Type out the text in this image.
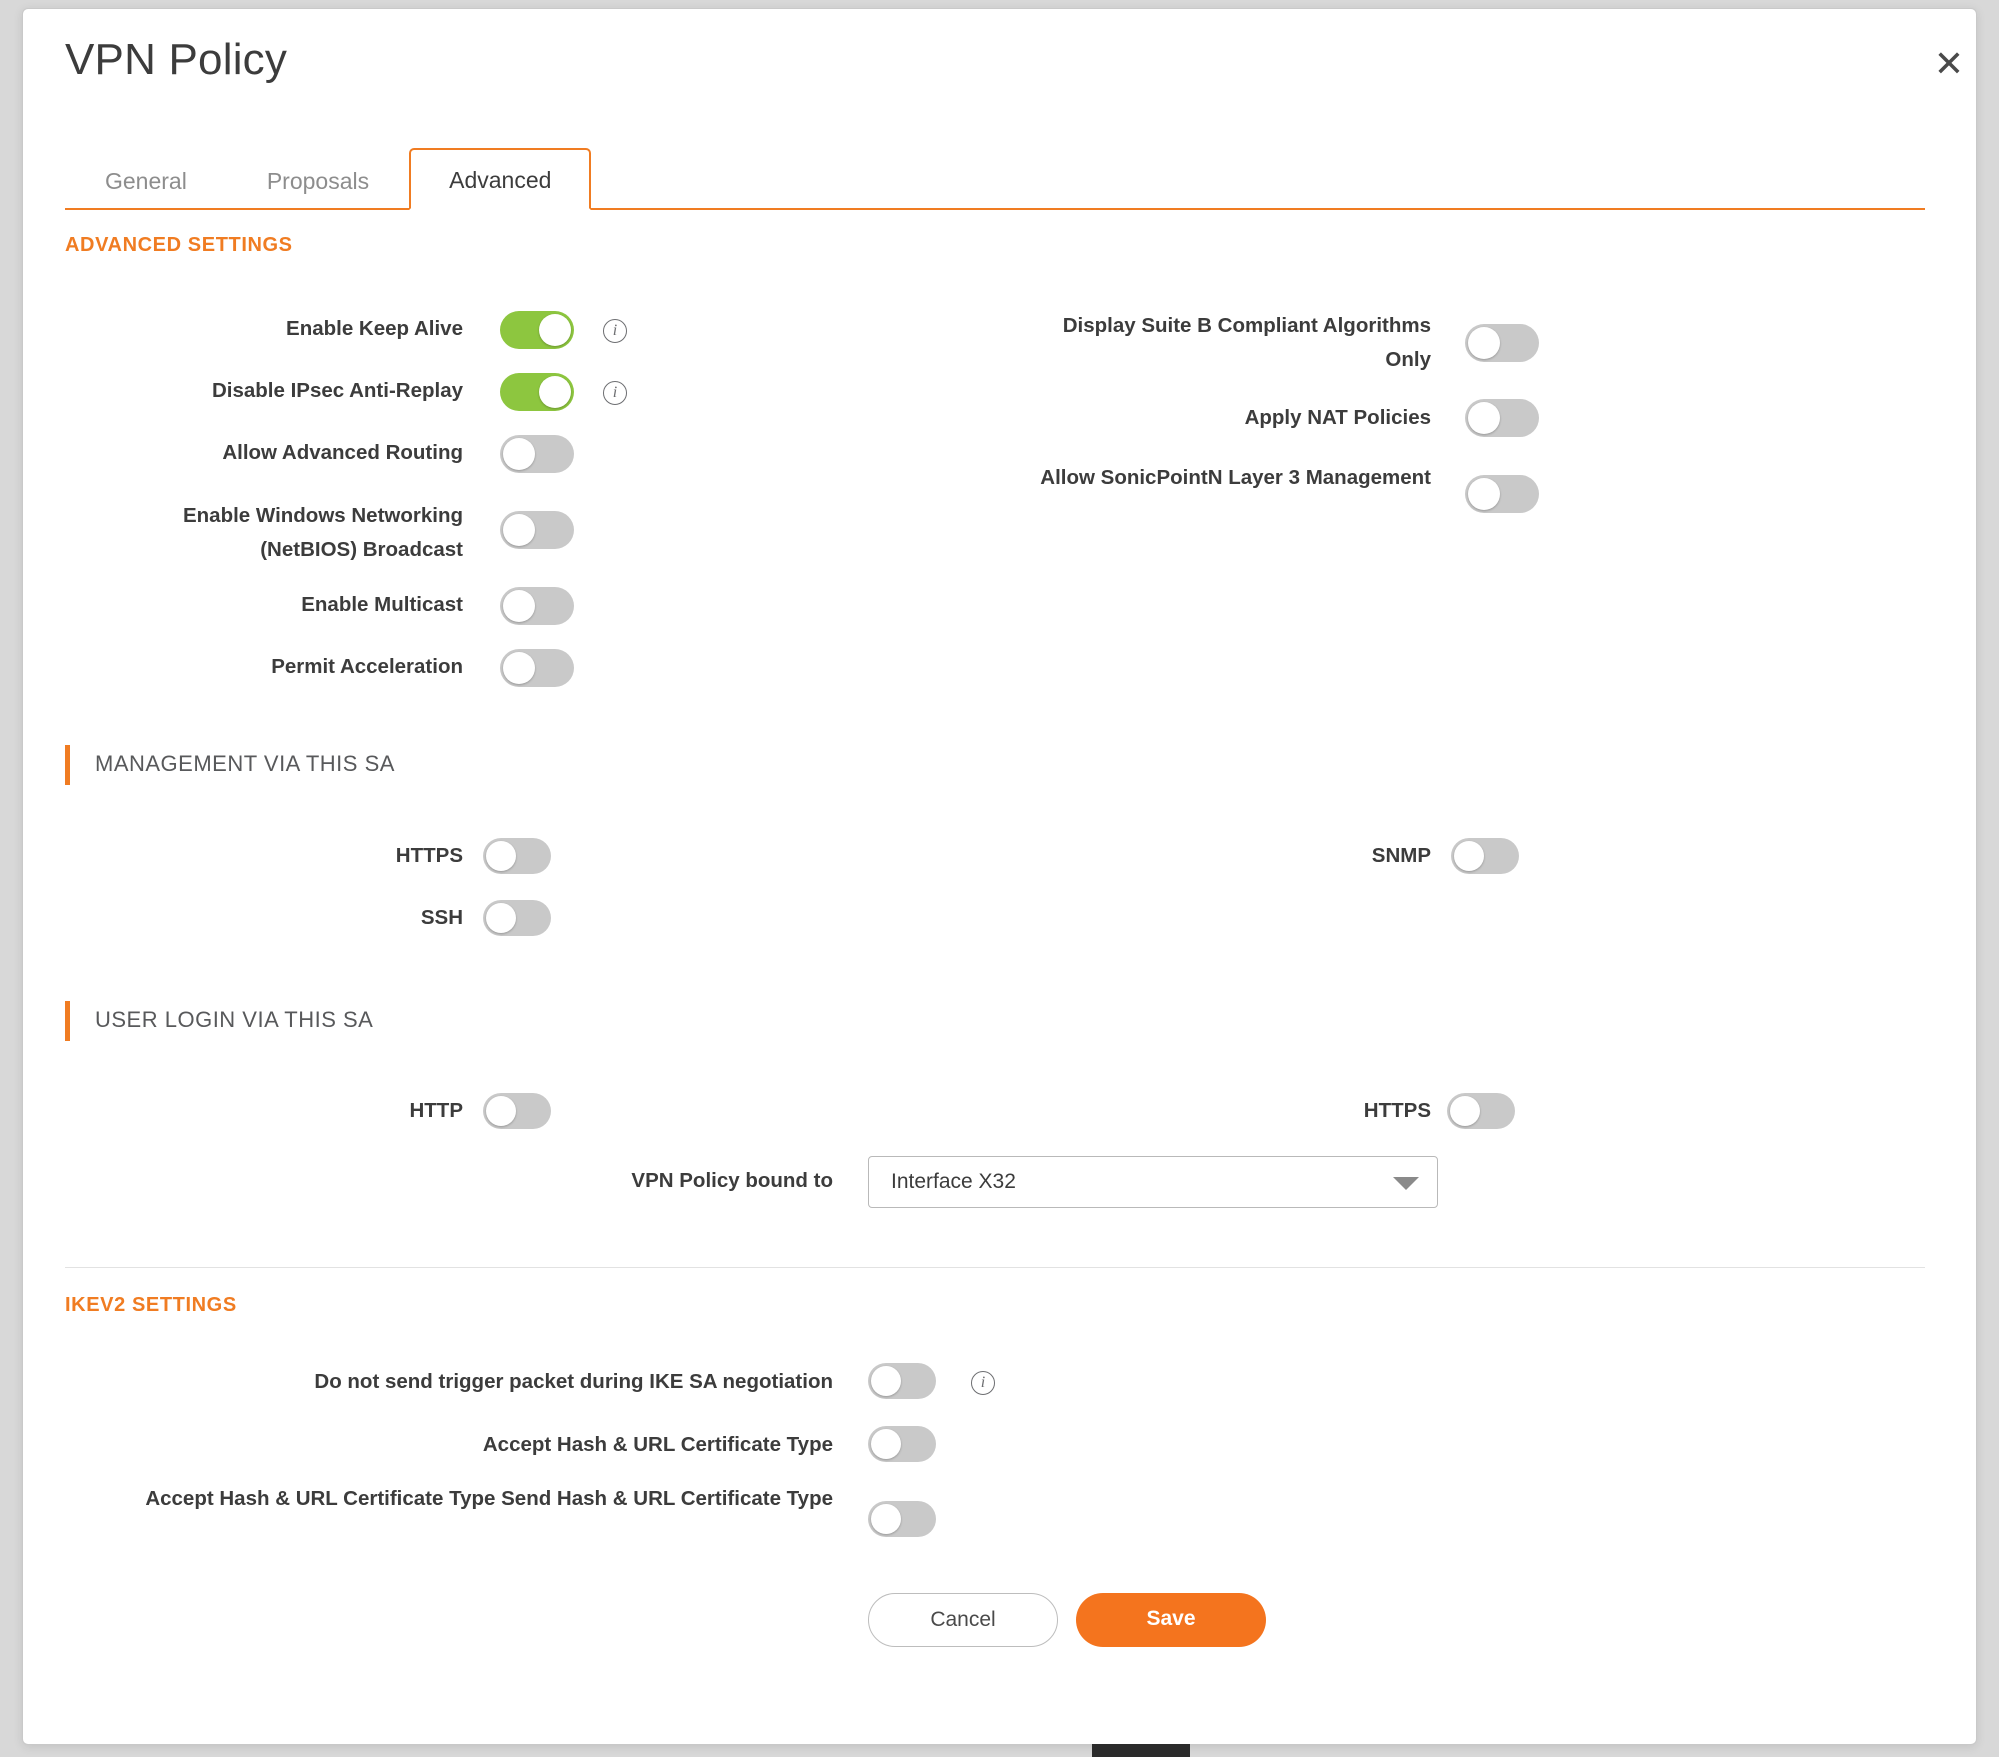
VPN Policy	✕
General	Proposals	Advanced
ADVANCED SETTINGS
Enable Keep Alive	i
Disable IPsec Anti-Replay	i
Allow Advanced Routing
Enable Windows Networking (NetBIOS) Broadcast
Enable Multicast
Permit Acceleration
Display Suite B Compliant Algorithms Only
Apply NAT Policies
Allow SonicPointN Layer 3 Management
MANAGEMENT VIA THIS SA
HTTPS
SSH
SNMP
USER LOGIN VIA THIS SA
HTTP	HTTPS
VPN Policy bound to	Interface X32
IKEV2 SETTINGS
Do not send trigger packet during IKE SA negotiation	i
Accept Hash & URL Certificate Type
Accept Hash & URL Certificate Type Send Hash & URL Certificate Type
Cancel	Save
